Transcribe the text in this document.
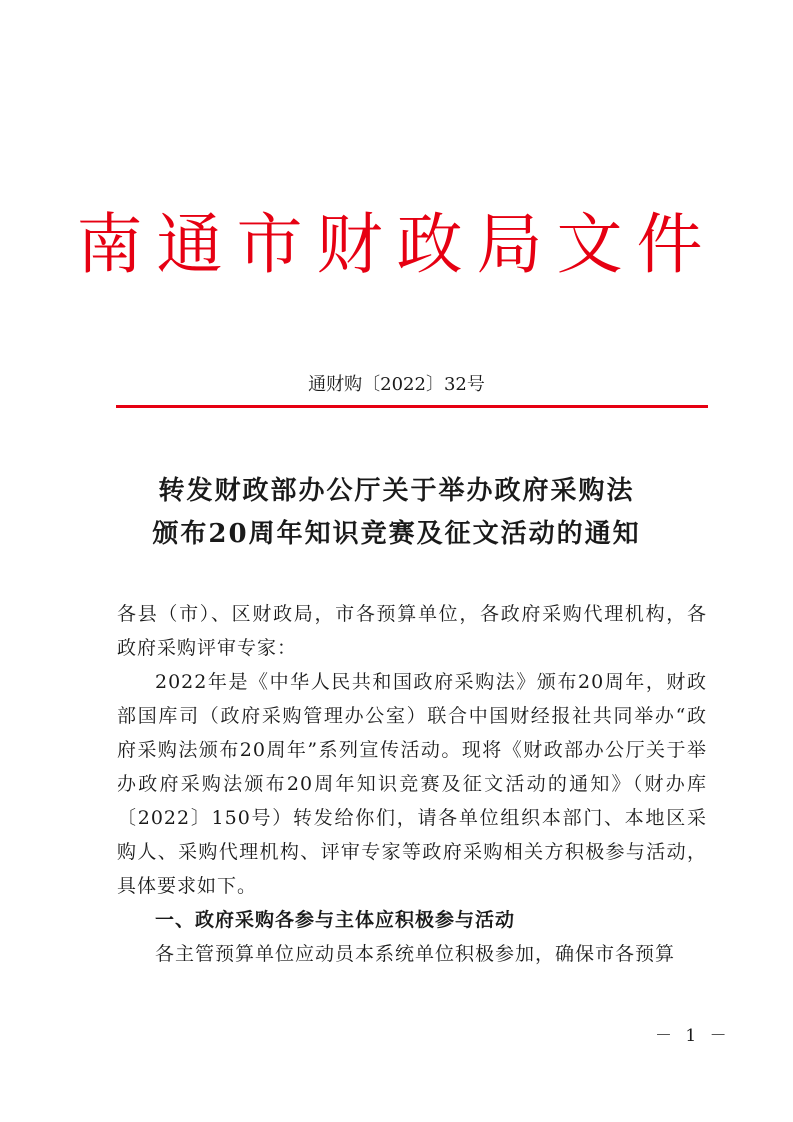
南通市财政局文件
通财购〔2022〕32号
转发财政部办公厅关于举办政府采购法
颁布20周年知识竞赛及征文活动的通知

各县（市）、区财政局，市各预算单位，各政府采购代理机构，各政府采购评审专家：

2022年是《中华人民共和国政府采购法》颁布20周年，财政部国库司（政府采购管理办公室）联合中国财经报社共同举办“政府采购法颁布20周年”系列宣传活动。现将《财政部办公厅关于举办政府采购法颁布20周年知识竞赛及征文活动的通知》（财办库〔2022〕150号）转发给你们，请各单位组织本部门、本地区采购人、采购代理机构、评审专家等政府采购相关方积极参与活动，具体要求如下。

一、政府采购各参与主体应积极参与活动

各主管预算单位应动员本系统单位积极参加，确保市各预算

－ 1 －
